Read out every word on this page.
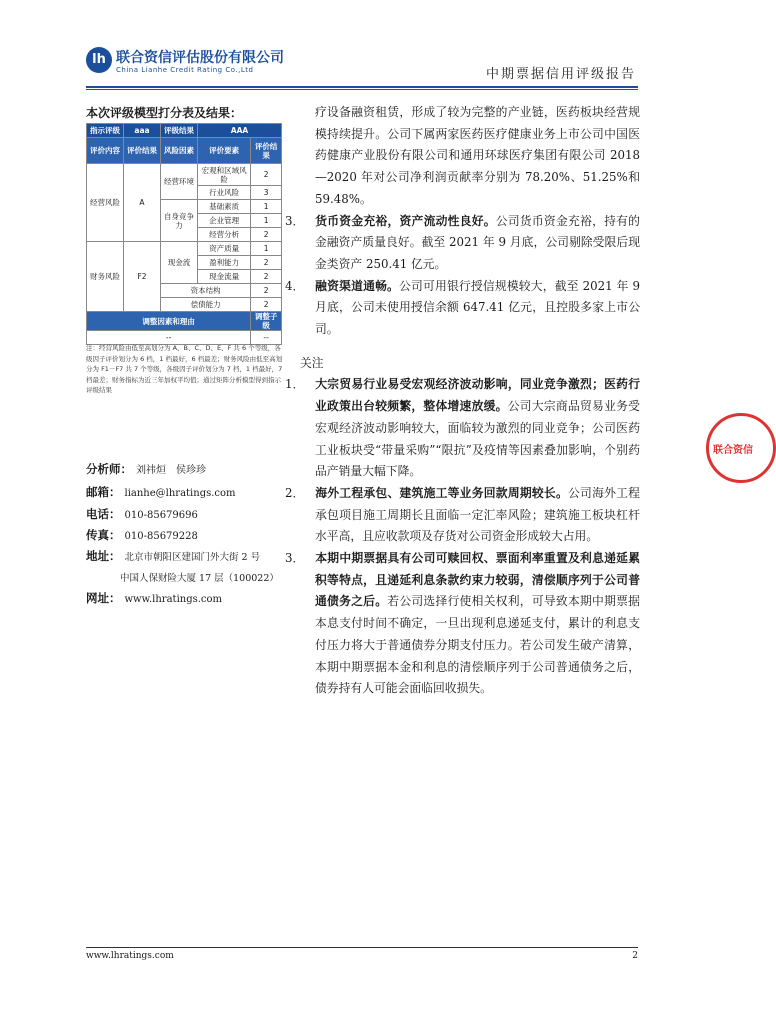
lh 联合资信评估股份有限公司
China Lianhe Credit Rating Co.,Ltd	中期票据信用评级报告
本次评级模型打分表及结果：
指示评级	aaa	评级结果	AAA	
评价内容	评价结果	风险因素	评价要素	评价结果
经营风险	A	经营环境	宏观和区域风险	2
			行业风险	3
		自身竞争力	基础素质	1
			企业管理	1
			经营分析	2
财务风险	F2	现金流	资产质量	1
			盈利能力	2
			现金流量	2
		资本结构		2
		偿债能力		2
调整因素和理由				调整子级
--				--
注：经营风险由低至高划分为 A、B、C、D、E、F 共 6 个等级，各级因子评价划分为 6 档，1 档最好，6 档最差；财务风险由低至高划分为 F1－F7 共 7 个等级，各级因子评价划分为 7 档，1 档最好，7 档最差；财务指标为近三年加权平均值；通过矩阵分析模型得到指示评级结果
分析师： 刘祎烜　侯珍珍
邮箱： lianhe@lhratings.com
电话： 010-85679696
传真： 010-85679228
地址： 北京市朝阳区建国门外大街 2 号
中国人保财险大厦 17 层（100022）
网址： www.lhratings.com

疗设备融资租赁，形成了较为完整的产业链，医药板块经营规模持续提升。公司下属两家医药医疗健康业务上市公司中国医药健康产业股份有限公司和通用环球医疗集团有限公司 2018—2020 年对公司净利润贡献率分别为 78.20%、51.25%和 59.48%。

3． 货币资金充裕，资产流动性良好。公司货币资金充裕，持有的金融资产质量良好。截至 2021 年 9 月底，公司剔除受限后现金类资产 250.41 亿元。

4． 融资渠道通畅。公司可用银行授信规模较大，截至 2021 年 9 月底，公司未使用授信余额 647.41 亿元，且控股多家上市公司。

关注

1． 大宗贸易行业易受宏观经济波动影响，同业竞争激烈；医药行业政策出台较频繁，整体增速放缓。公司大宗商品贸易业务受宏观经济波动影响较大，面临较为激烈的同业竞争；公司医药工业板块受“带量采购”“限抗”及疫情等因素叠加影响，个别药品产销量大幅下降。

2． 海外工程承包、建筑施工等业务回款周期较长。公司海外工程承包项目施工周期长且面临一定汇率风险；建筑施工板块杠杆水平高，且应收款项及存货对公司资金形成较大占用。

3． 本期中期票据具有公司可赎回权、票面利率重置及利息递延累积等特点，且递延利息条款约束力较弱，清偿顺序列于公司普通债务之后。若公司选择行使相关权利，可导致本期中期票据本息支付时间不确定，一旦出现利息递延支付，累计的利息支付压力将大于普通债券分期支付压力。若公司发生破产清算，本期中期票据本金和利息的清偿顺序列于公司普通债务之后，债券持有人可能会面临回收损失。

联合资信
www.lhratings.com	2
